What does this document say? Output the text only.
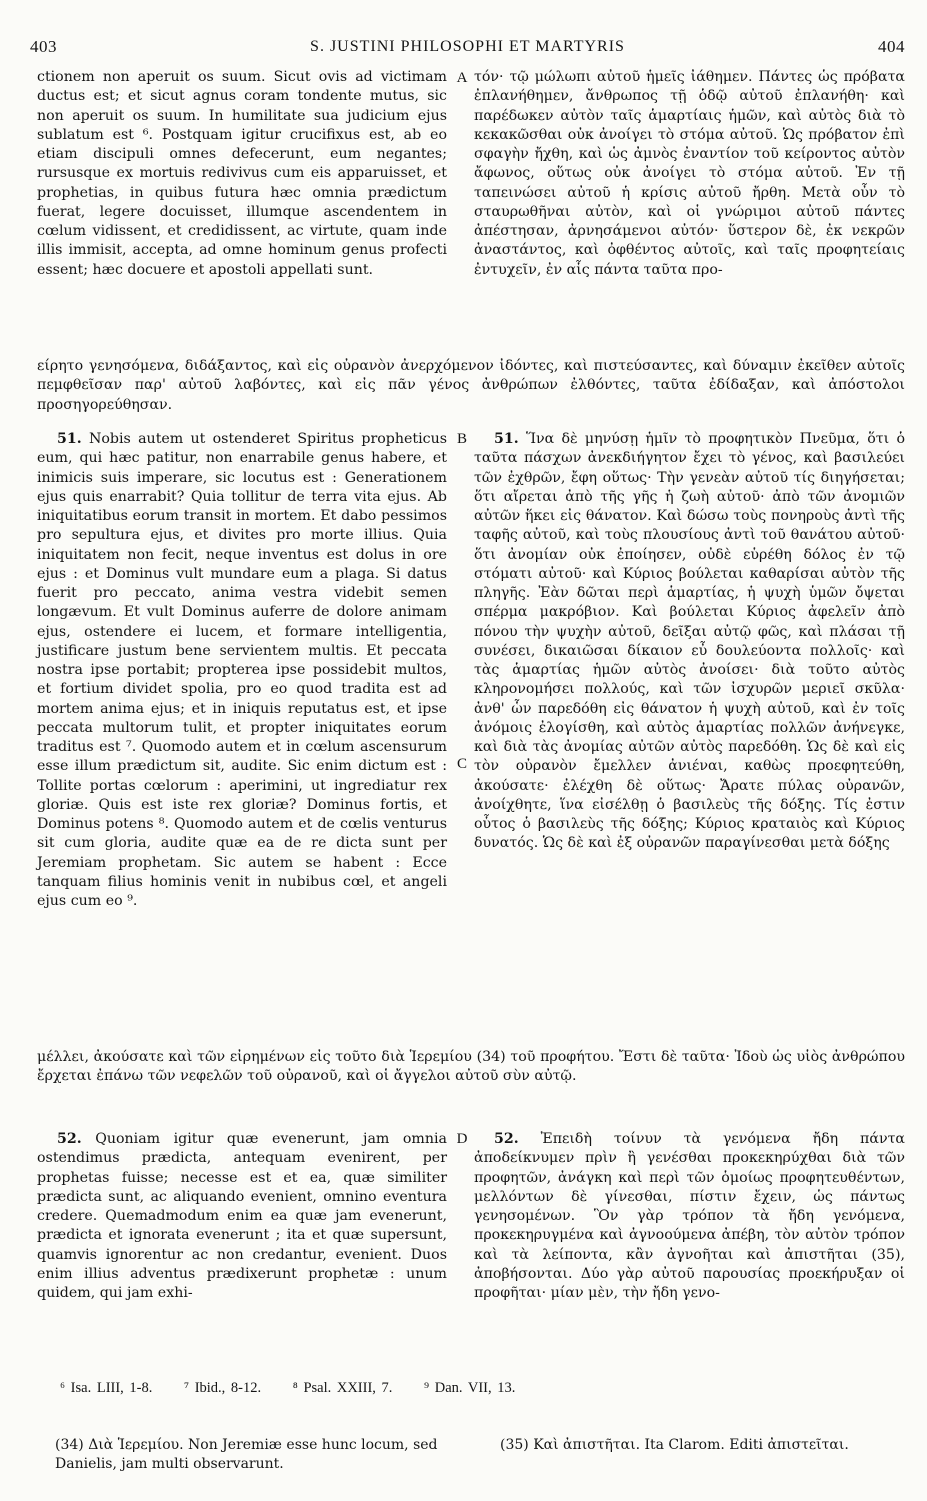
403	S. JUSTINI PHILOSOPHI ET MARTYRIS	404

ctionem non aperuit os suum. Sicut ovis ad victimam ductus est; et sicut agnus coram tondente mutus, sic non aperuit os suum. In humilitate sua judicium ejus sublatum est ⁶. Postquam igitur crucifixus est, ab eo etiam discipuli omnes defecerunt, eum negantes; rursusque ex mortuis redivivus cum eis apparuisset, et prophetias, in quibus futura hæc omnia prædictum fuerat, legere docuisset, illumque ascendentem in cœlum vidissent, et credidissent, ac virtute, quam inde illis immisit, accepta, ad omne hominum genus profecti essent; hæc docuere et apostoli appellati sunt.

A τόν· τῷ μώλωπι αὐτοῦ ἡμεῖς ἰάθημεν. Πάντες ὡς πρόβατα ἐπλανήθημεν, ἄνθρωπος τῇ ὁδῷ αὐτοῦ ἐπλανήθη· καὶ παρέδωκεν αὐτὸν ταῖς ἁμαρτίαις ἡμῶν, καὶ αὐτὸς διὰ τὸ κεκακῶσθαι οὐκ ἀνοίγει τὸ στόμα αὐτοῦ. Ὡς πρόβατον ἐπὶ σφαγὴν ἤχθη, καὶ ὡς ἀμνὸς ἐναντίον τοῦ κείροντος αὐτὸν ἄφωνος, οὕτως οὐκ ἀνοίγει τὸ στόμα αὐτοῦ. Ἐν τῇ ταπεινώσει αὐτοῦ ἡ κρίσις αὐτοῦ ἤρθη. Μετὰ οὖν τὸ σταυρωθῆναι αὐτὸν, καὶ οἱ γνώριμοι αὐτοῦ πάντες ἀπέστησαν, ἀρνησάμενοι αὐτόν· ὕστερον δὲ, ἐκ νεκρῶν ἀναστάντος, καὶ ὀφθέντος αὐτοῖς, καὶ ταῖς προφητείαις ἐντυχεῖν, ἐν αἷς πάντα ταῦτα προ-

είρητο γενησόμενα, διδάξαντος, καὶ εἰς οὐρανὸν ἀνερχόμενον ἰδόντες, καὶ πιστεύσαντες, καὶ δύναμιν ἐκεῖθεν αὐτοῖς πεμφθεῖσαν παρ' αὐτοῦ λαβόντες, καὶ εἰς πᾶν γένος ἀνθρώπων ἐλθόντες, ταῦτα ἐδίδαξαν, καὶ ἀπόστολοι προσηγορεύθησαν.

51. Nobis autem ut ostenderet Spiritus propheticus eum, qui hæc patitur, non enarrabile genus habere, et inimicis suis imperare, sic locutus est : Generationem ejus quis enarrabit? Quia tollitur de terra vita ejus. Ab iniquitatibus eorum transit in mortem. Et dabo pessimos pro sepultura ejus, et divites pro morte illius. Quia iniquitatem non fecit, neque inventus est dolus in ore ejus : et Dominus vult mundare eum a plaga. Si datus fuerit pro peccato, anima vestra videbit semen longævum. Et vult Dominus auferre de dolore animam ejus, ostendere ei lucem, et formare intelligentia, justificare justum bene servientem multis. Et peccata nostra ipse portabit; propterea ipse possidebit multos, et fortium dividet spolia, pro eo quod tradita est ad mortem anima ejus; et in iniquis reputatus est, et ipse peccata multorum tulit, et propter iniquitates eorum traditus est ⁷. Quomodo autem et in cœlum ascensurum esse illum prædictum sit, audite. Sic enim dictum est : Tollite portas cœlorum : aperimini, ut ingrediatur rex gloriæ. Quis est iste rex gloriæ? Dominus fortis, et Dominus potens ⁸. Quomodo autem et de cœlis venturus sit cum gloria, audite quæ ea de re dicta sunt per Jeremiam prophetam. Sic autem se habent : Ecce tanquam filius hominis venit in nubibus cœl, et angeli ejus cum eo ⁹.

B
C

51. Ἵνα δὲ μηνύσῃ ἡμῖν τὸ προφητικὸν Πνεῦμα, ὅτι ὁ ταῦτα πάσχων ἀνεκδιήγητον ἔχει τὸ γένος, καὶ βασιλεύει τῶν ἐχθρῶν, ἔφη οὕτως· Τὴν γενεὰν αὐτοῦ τίς διηγήσεται; ὅτι αἴρεται ἀπὸ τῆς γῆς ἡ ζωὴ αὐτοῦ· ἀπὸ τῶν ἀνομιῶν αὐτῶν ἥκει εἰς θάνατον. Καὶ δώσω τοὺς πονηροὺς ἀντὶ τῆς ταφῆς αὐτοῦ, καὶ τοὺς πλουσίους ἀντὶ τοῦ θανάτου αὐτοῦ· ὅτι ἀνομίαν οὐκ ἐποίησεν, οὐδὲ εὑρέθη δόλος ἐν τῷ στόματι αὐτοῦ· καὶ Κύριος βούλεται καθαρίσαι αὐτὸν τῆς πληγῆς. Ἐὰν δῶται περὶ ἁμαρτίας, ἡ ψυχὴ ὑμῶν ὄψεται σπέρμα μακρόβιον. Καὶ βούλεται Κύριος ἀφελεῖν ἀπὸ πόνου τὴν ψυχὴν αὐτοῦ, δεῖξαι αὐτῷ φῶς, καὶ πλάσαι τῇ συνέσει, δικαιῶσαι δίκαιον εὖ δουλεύοντα πολλοῖς· καὶ τὰς ἁμαρτίας ἡμῶν αὐτὸς ἀνοίσει· διὰ τοῦτο αὐτὸς κληρονομήσει πολλούς, καὶ τῶν ἰσχυρῶν μεριεῖ σκῦλα· ἀνθ' ὧν παρεδόθη εἰς θάνατον ἡ ψυχὴ αὐτοῦ, καὶ ἐν τοῖς ἀνόμοις ἐλογίσθη, καὶ αὐτὸς ἁμαρτίας πολλῶν ἀνήνεγκε, καὶ διὰ τὰς ἀνομίας αὐτῶν αὐτὸς παρεδόθη. Ὡς δὲ καὶ εἰς τὸν οὐρανὸν ἔμελλεν ἀνιέναι, καθὼς προεφητεύθη, ἀκούσατε· ἐλέχθη δὲ οὕτως· Ἄρατε πύλας οὐρανῶν, ἀνοίχθητε, ἵνα εἰσέλθῃ ὁ βασιλεὺς τῆς δόξης. Τίς ἐστιν οὗτος ὁ βασιλεὺς τῆς δόξης; Κύριος κραταιὸς καὶ Κύριος δυνατός. Ὡς δὲ καὶ ἐξ οὐρανῶν παραγίνεσθαι μετὰ δόξης

μέλλει, ἀκούσατε καὶ τῶν εἰρημένων εἰς τοῦτο διὰ Ἱερεμίου (34) τοῦ προφήτου. Ἔστι δὲ ταῦτα· Ἰδοὺ ὡς υἱὸς ἀνθρώπου ἔρχεται ἐπάνω τῶν νεφελῶν τοῦ οὐρανοῦ, καὶ οἱ ἄγγελοι αὐτοῦ σὺν αὐτῷ.

52. Quoniam igitur quæ evenerunt, jam omnia ostendimus prædicta, antequam evenirent, per prophetas fuisse; necesse est et ea, quæ similiter prædicta sunt, ac aliquando evenient, omnino eventura credere. Quemadmodum enim ea quæ jam evenerunt, prædicta et ignorata evenerunt ; ita et quæ supersunt, quamvis ignorentur ac non credantur, evenient. Duos enim illius adventus prædixerunt prophetæ : unum quidem, qui jam exhi-

D	52. Ἐπειδὴ τοίνυν τὰ γενόμενα ἤδη πάντα ἀποδείκνυμεν πρὶν ἢ γενέσθαι προκεκηρύχθαι διὰ τῶν προφητῶν, ἀνάγκη καὶ περὶ τῶν ὁμοίως προφητευθέντων, μελλόντων δὲ γίνεσθαι, πίστιν ἔχειν, ὡς πάντως γενησομένων. Ὃν γὰρ τρόπον τὰ ἤδη γενόμενα, προκεκηρυγμένα καὶ ἀγνοούμενα ἀπέβη, τὸν αὐτὸν τρόπον καὶ τὰ λείποντα, κἂν ἀγνοῆται καὶ ἀπιστῆται (35), ἀποβήσονται. Δύο γὰρ αὐτοῦ παρουσίας προεκήρυξαν οἱ προφῆται· μίαν μὲν, τὴν ἤδη γενο-

⁶ Isa. LIII, 1-8. ⁷ Ibid., 8-12. ⁸ Psal. XXIII, 7. ⁹ Dan. VII, 13.
(34) Διὰ Ἱερεμίου. Non Jeremiæ esse hunc locum, sed Danielis, jam multi observarunt.
(35) Καὶ ἀπιστῆται. Ita Clarom. Editi ἀπιστεῖται.
